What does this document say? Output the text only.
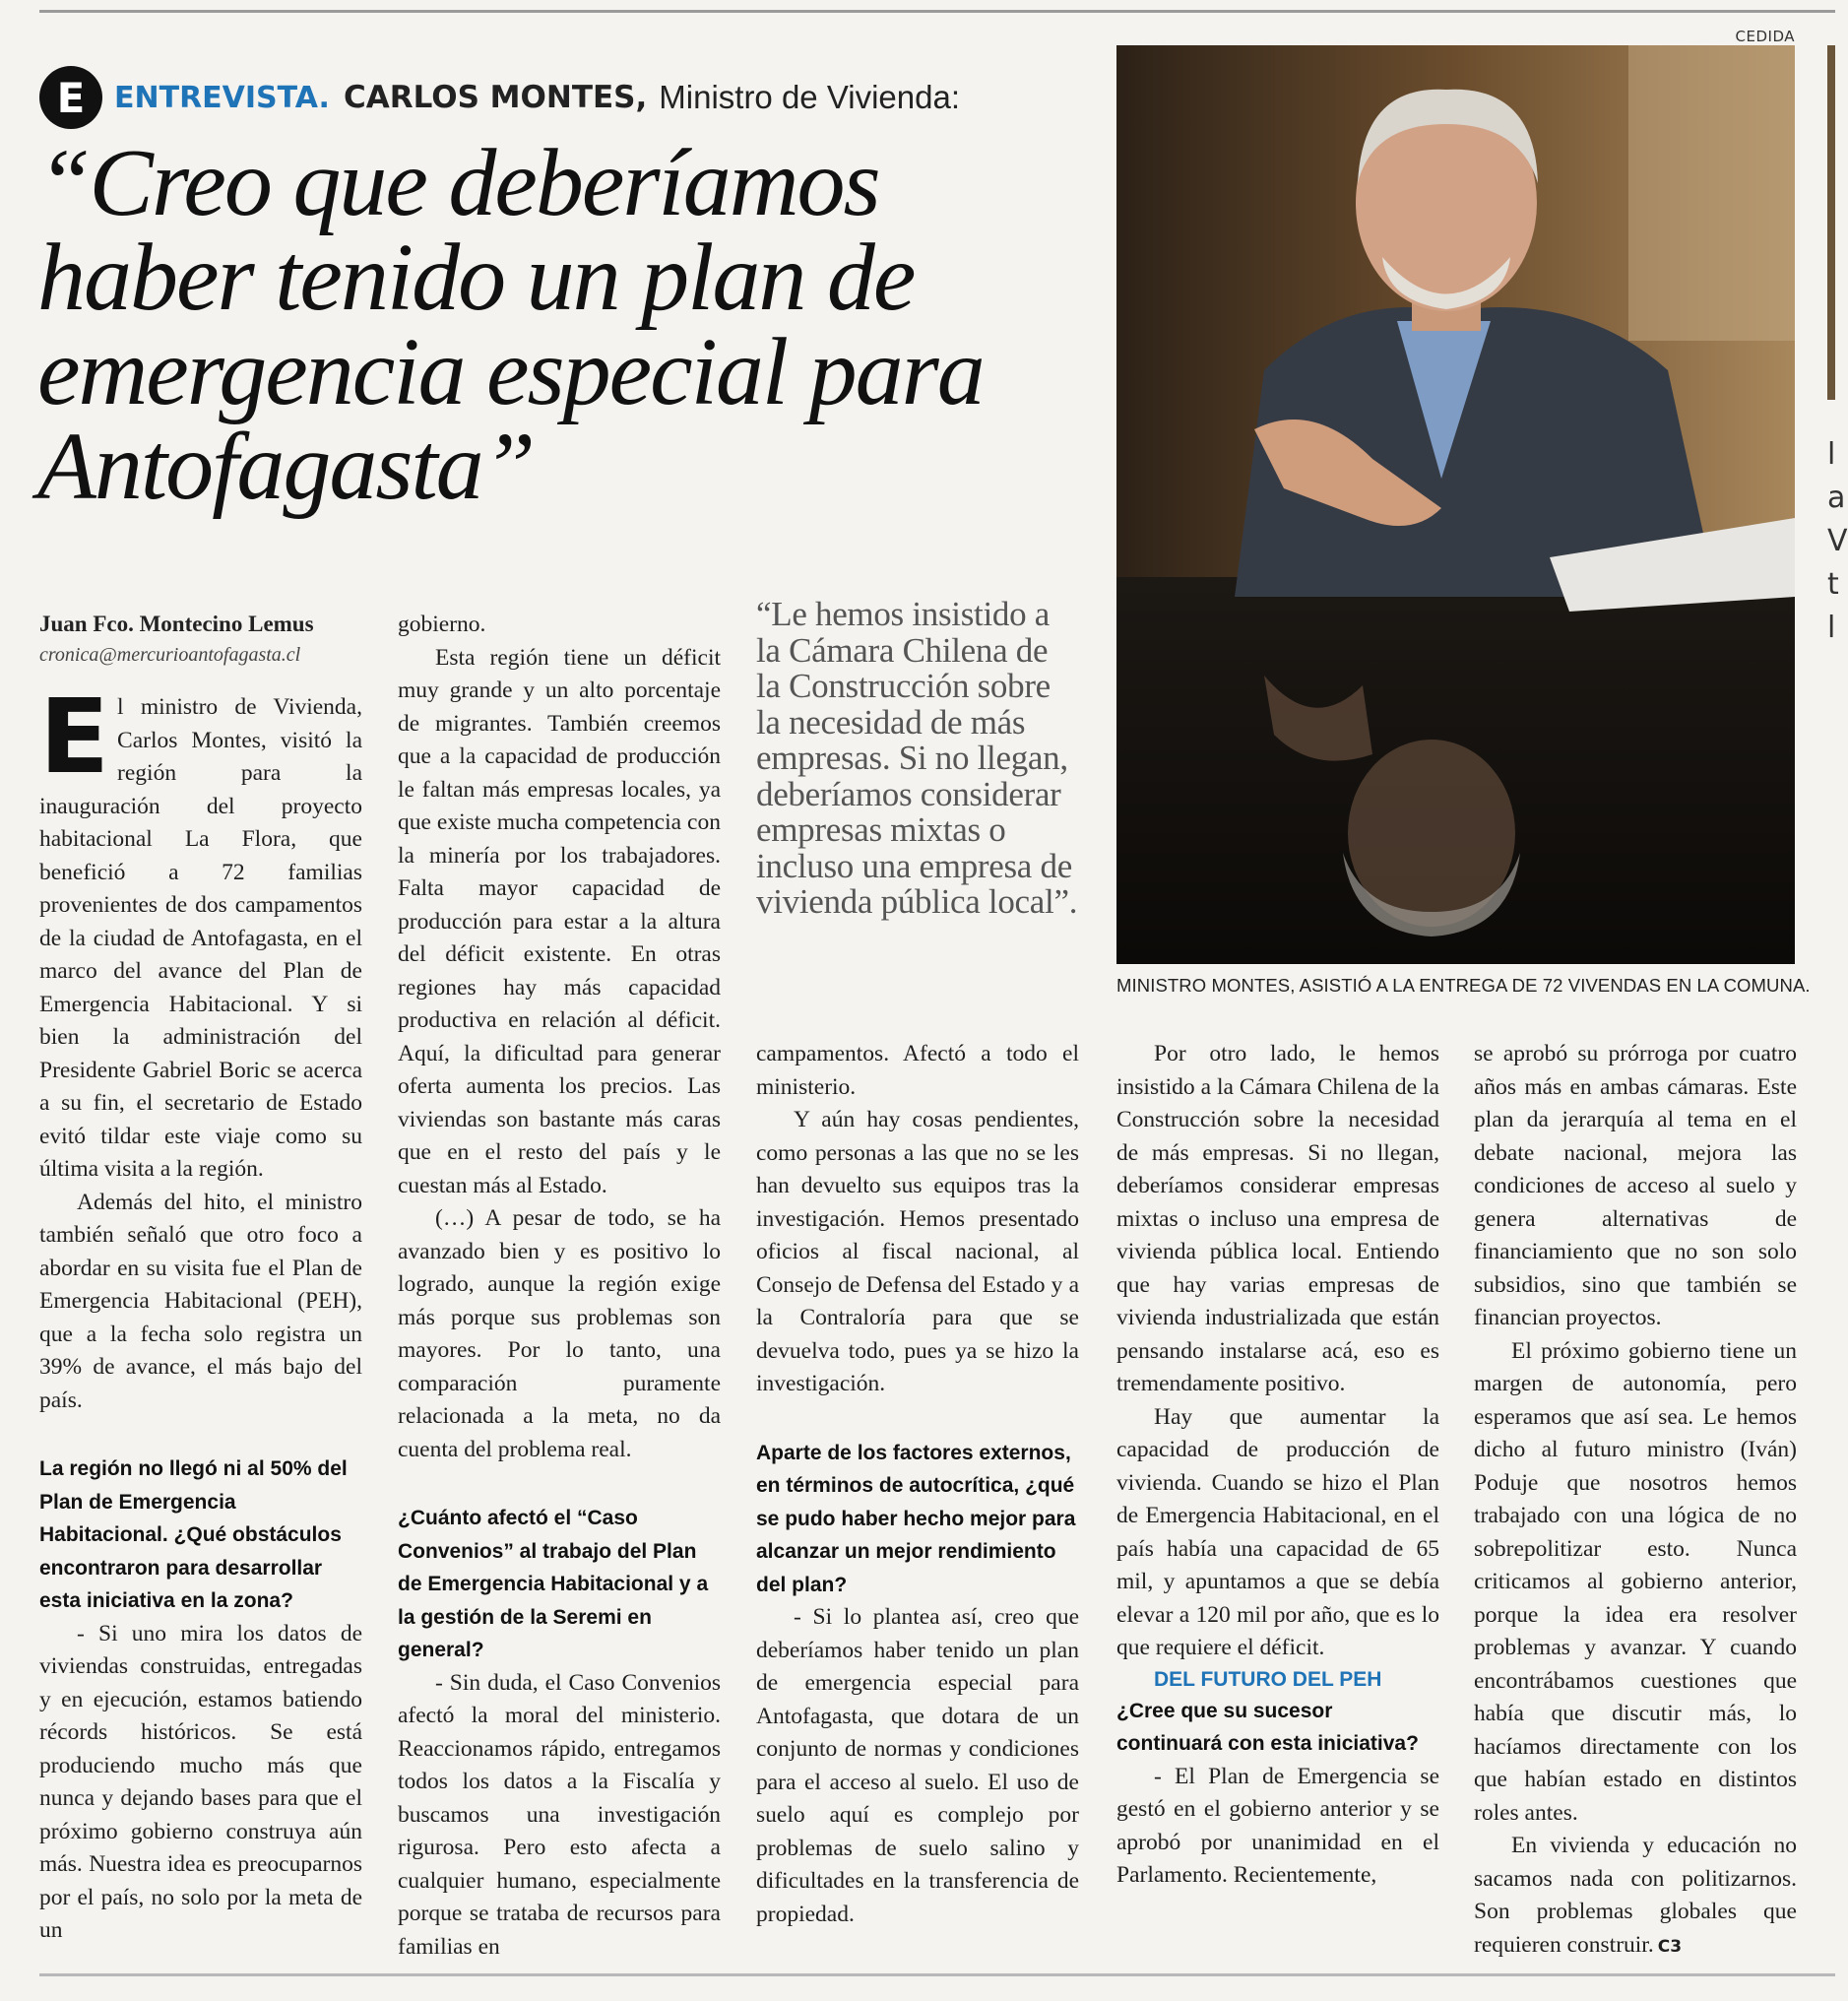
E ENTREVISTA. CARLOS MONTES, Ministro de Vivienda:
“Creo que deberíamos haber tenido un plan de emergencia especial para Antofagasta”
CEDIDA
MINISTRO MONTES, ASISTIÓ A LA ENTREGA DE 72 VIVENDAS EN LA COMUNA.
l a V t l
Juan Fco. Montecino Lemus
cronica@mercurioantofagasta.cl

El ministro de Vivienda, Carlos Montes, visitó la región para la inauguración del proyecto habitacional La Flora, que benefició a 72 familias provenientes de dos campamentos de la ciudad de Antofagasta, en el marco del avance del Plan de Emergencia Habitacional. Y si bien la administración del Presidente Gabriel Boric se acerca a su fin, el secretario de Estado evitó tildar este viaje como su última visita a la región.

Además del hito, el ministro también señaló que otro foco a abordar en su visita fue el Plan de Emergencia Habitacional (PEH), que a la fecha solo registra un 39% de avance, el más bajo del país.

La región no llegó ni al 50% del Plan de Emergencia Habitacional. ¿Qué obstáculos encontraron para desarrollar esta iniciativa en la zona?

- Si uno mira los datos de viviendas construidas, entregadas y en ejecución, estamos batiendo récords históricos. Se está produciendo mucho más que nunca y dejando bases para que el próximo gobierno construya aún más. Nuestra idea es preocuparnos por el país, no solo por la meta de un

gobierno.

Esta región tiene un déficit muy grande y un alto porcentaje de migrantes. También creemos que a la capacidad de producción le faltan más empresas locales, ya que existe mucha competencia con la minería por los trabajadores. Falta mayor capacidad de producción para estar a la altura del déficit existente. En otras regiones hay más capacidad productiva en relación al déficit. Aquí, la dificultad para generar oferta aumenta los precios. Las viviendas son bastante más caras que en el resto del país y le cuestan más al Estado.

(…) A pesar de todo, se ha avanzado bien y es positivo lo logrado, aunque la región exige más porque sus problemas son mayores. Por lo tanto, una comparación puramente relacionada a la meta, no da cuenta del problema real.

¿Cuánto afectó el “Caso Convenios” al trabajo del Plan de Emergencia Habitacional y a la gestión de la Seremi en general?

- Sin duda, el Caso Convenios afectó la moral del ministerio. Reaccionamos rápido, entregamos todos los datos a la Fiscalía y buscamos una investigación rigurosa. Pero esto afecta a cualquier humano, especialmente porque se trataba de recursos para familias en

“Le hemos insistido a la Cámara Chilena de la Construcción sobre la necesidad de más empresas. Si no llegan, deberíamos considerar empresas mixtas o incluso una empresa de vivienda pública local”.

campamentos. Afectó a todo el ministerio.

Y aún hay cosas pendientes, como personas a las que no se les han devuelto sus equipos tras la investigación. Hemos presentado oficios al fiscal nacional, al Consejo de Defensa del Estado y a la Contraloría para que se devuelva todo, pues ya se hizo la investigación.

Aparte de los factores externos, en términos de autocrítica, ¿qué se pudo haber hecho mejor para alcanzar un mejor rendimiento del plan?

- Si lo plantea así, creo que deberíamos haber tenido un plan de emergencia especial para Antofagasta, que dotara de un conjunto de normas y condiciones para el acceso al suelo. El uso de suelo aquí es complejo por problemas de suelo salino y dificultades en la transferencia de propiedad.

Por otro lado, le hemos insistido a la Cámara Chilena de la Construcción sobre la necesidad de más empresas. Si no llegan, deberíamos considerar empresas mixtas o incluso una empresa de vivienda pública local. Entiendo que hay varias empresas de vivienda industrializada que están pensando instalarse acá, eso es tremendamente positivo.

Hay que aumentar la capacidad de producción de vivienda. Cuando se hizo el Plan de Emergencia Habitacional, en el país había una capacidad de 65 mil, y apuntamos a que se debía elevar a 120 mil por año, que es lo que requiere el déficit.

DEL FUTURO DEL PEH

¿Cree que su sucesor continuará con esta iniciativa?

- El Plan de Emergencia se gestó en el gobierno anterior y se aprobó por unanimidad en el Parlamento. Recientemente,

se aprobó su prórroga por cuatro años más en ambas cámaras. Este plan da jerarquía al tema en el debate nacional, mejora las condiciones de acceso al suelo y genera alternativas de financiamiento que no son solo subsidios, sino que también se financian proyectos.

El próximo gobierno tiene un margen de autonomía, pero esperamos que así sea. Le hemos dicho al futuro ministro (Iván) Poduje que nosotros hemos trabajado con una lógica de no sobrepolitizar esto. Nunca criticamos al gobierno anterior, porque la idea era resolver problemas y avanzar. Y cuando encontrábamos cuestiones que había que discutir más, lo hacíamos directamente con los que habían estado en distintos roles antes.

En vivienda y educación no sacamos nada con politizarnos. Son problemas globales que requieren construir. C3
